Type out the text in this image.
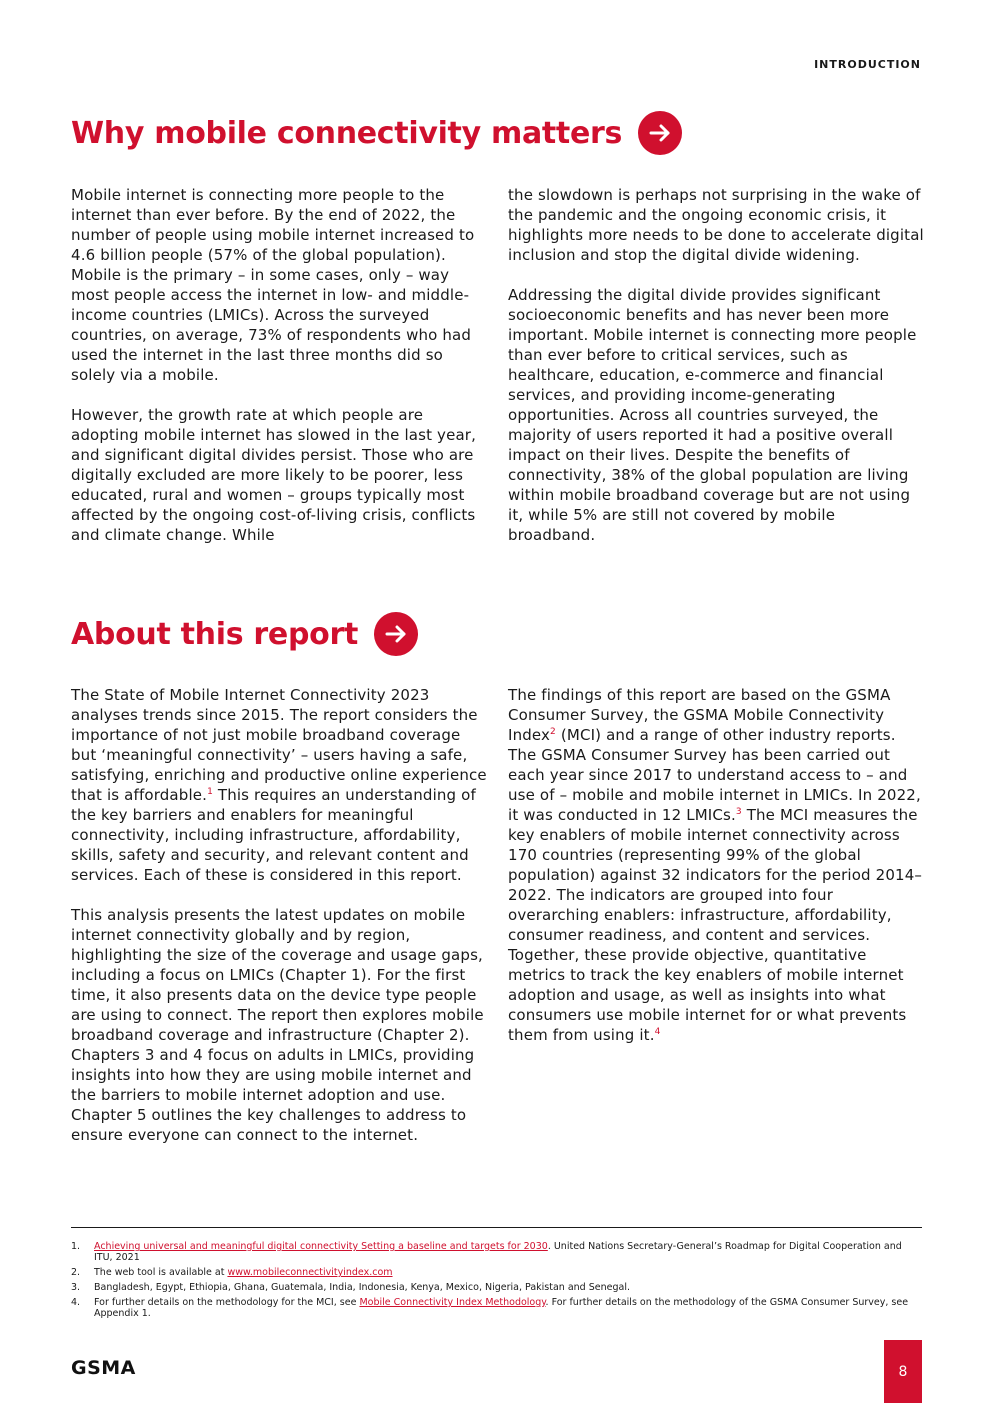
INTRODUCTION
Why mobile connectivity matters

Mobile internet is connecting more people to the internet than ever before. By the end of 2022, the number of people using mobile internet increased to 4.6 billion people (57% of the global population). Mobile is the primary – in some cases, only – way most people access the internet in low- and middle-income countries (LMICs). Across the surveyed countries, on average, 73% of respondents who had used the internet in the last three months did so solely via a mobile.

However, the growth rate at which people are adopting mobile internet has slowed in the last year, and significant digital divides persist. Those who are digitally excluded are more likely to be poorer, less educated, rural and women – groups typically most affected by the ongoing cost-of-living crisis, conflicts and climate change. While

the slowdown is perhaps not surprising in the wake of the pandemic and the ongoing economic crisis, it highlights more needs to be done to accelerate digital inclusion and stop the digital divide widening.

Addressing the digital divide provides significant socioeconomic benefits and has never been more important. Mobile internet is connecting more people than ever before to critical services, such as healthcare, education, e-commerce and financial services, and providing income-generating opportunities. Across all countries surveyed, the majority of users reported it had a positive overall impact on their lives. Despite the benefits of connectivity, 38% of the global population are living within mobile broadband coverage but are not using it, while 5% are still not covered by mobile broadband.

About this report

The State of Mobile Internet Connectivity 2023 analyses trends since 2015. The report considers the importance of not just mobile broadband coverage but ‘meaningful connectivity’ – users having a safe, satisfying, enriching and productive online experience that is affordable.$^1$ This requires an understanding of the key barriers and enablers for meaningful connectivity, including infrastructure, affordability, skills, safety and security, and relevant content and services. Each of these is considered in this report.

This analysis presents the latest updates on mobile internet connectivity globally and by region, highlighting the size of the coverage and usage gaps, including a focus on LMICs (Chapter 1). For the first time, it also presents data on the device type people are using to connect. The report then explores mobile broadband coverage and infrastructure (Chapter 2). Chapters 3 and 4 focus on adults in LMICs, providing insights into how they are using mobile internet and the barriers to mobile internet adoption and use. Chapter 5 outlines the key challenges to address to ensure everyone can connect to the internet.

The findings of this report are based on the GSMA Consumer Survey, the GSMA Mobile Connectivity Index$^2$ (MCI) and a range of other industry reports. The GSMA Consumer Survey has been carried out each year since 2017 to understand access to – and use of – mobile and mobile internet in LMICs. In 2022, it was conducted in 12 LMICs.$^3$ The MCI measures the key enablers of mobile internet connectivity across 170 countries (representing 99% of the global population) against 32 indicators for the period 2014–2022. The indicators are grouped into four overarching enablers: infrastructure, affordability, consumer readiness, and content and services. Together, these provide objective, quantitative metrics to track the key enablers of mobile internet adoption and usage, as well as insights into what consumers use mobile internet for or what prevents them from using it.$^4$

1.	Achieving universal and meaningful digital connectivity Setting a baseline and targets for 2030. United Nations Secretary-General’s Roadmap for Digital Cooperation and ITU, 2021
2.	The web tool is available at www.mobileconnectivityindex.com
3.	Bangladesh, Egypt, Ethiopia, Ghana, Guatemala, India, Indonesia, Kenya, Mexico, Nigeria, Pakistan and Senegal.
4.	For further details on the methodology for the MCI, see Mobile Connectivity Index Methodology. For further details on the methodology of the GSMA Consumer Survey, see Appendix 1.
GSMA	8
